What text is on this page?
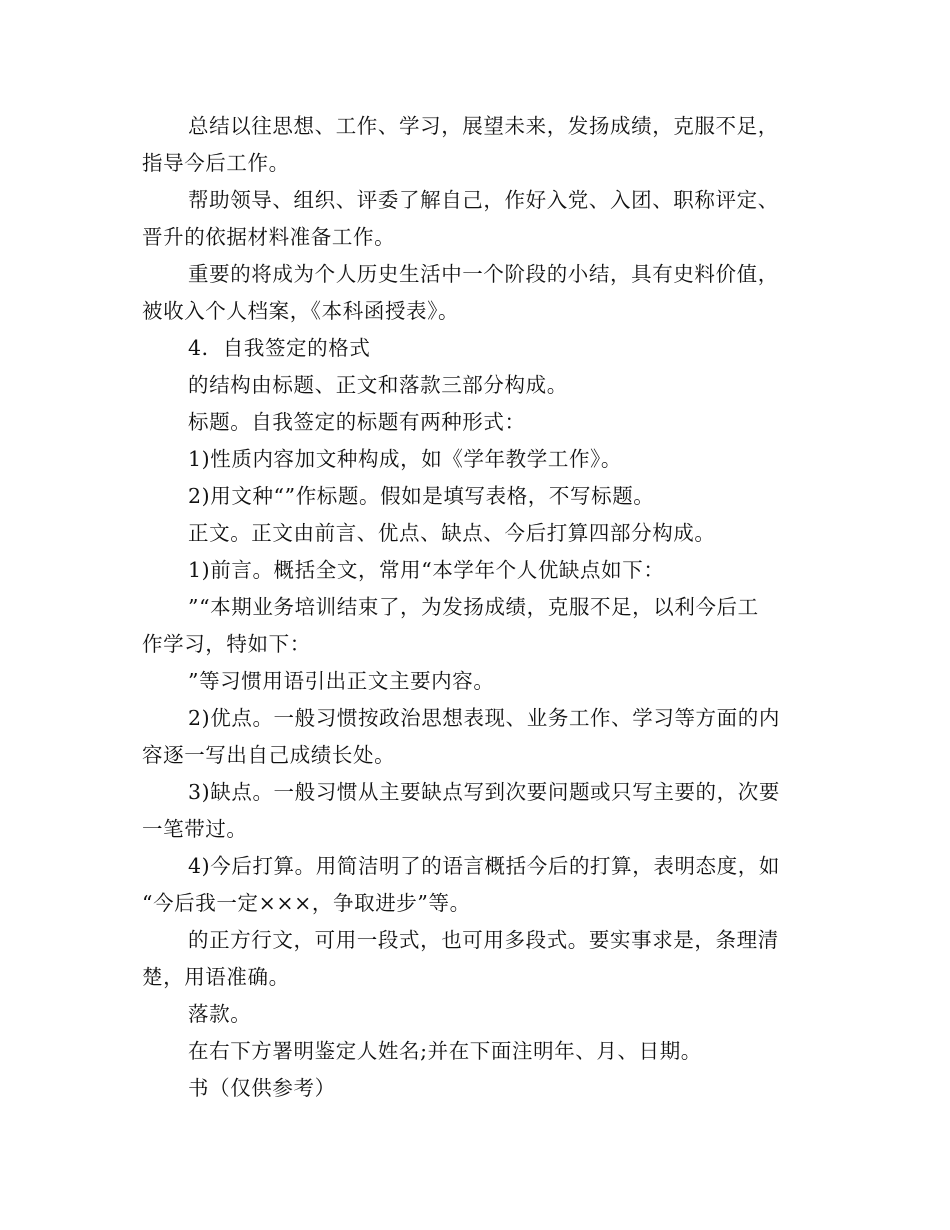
总结以往思想、工作、学习，展望未来，发扬成绩，克服不足，
指导今后工作。
帮助领导、组织、评委了解自己，作好入党、入团、职称评定、
晋升的依据材料准备工作。
重要的将成为个人历史生活中一个阶段的小结，具有史料价值，
被收入个人档案，《本科函授表》。
4．自我签定的格式
的结构由标题、正文和落款三部分构成。
标题。自我签定的标题有两种形式：
1)性质内容加文种构成，如《学年教学工作》。
2)用文种“”作标题。假如是填写表格，不写标题。
正文。正文由前言、优点、缺点、今后打算四部分构成。
1)前言。概括全文，常用“本学年个人优缺点如下：
”“本期业务培训结束了，为发扬成绩，克服不足，以利今后工
作学习，特如下：
”等习惯用语引出正文主要内容。
2)优点。一般习惯按政治思想表现、业务工作、学习等方面的内
容逐一写出自己成绩长处。
3)缺点。一般习惯从主要缺点写到次要问题或只写主要的，次要
一笔带过。
4)今后打算。用简洁明了的语言概括今后的打算，表明态度，如
“今后我一定×××，争取进步”等。
的正方行文，可用一段式，也可用多段式。要实事求是，条理清
楚，用语准确。
落款。
在右下方署明鉴定人姓名;并在下面注明年、月、日期。
书（仅供参考）
